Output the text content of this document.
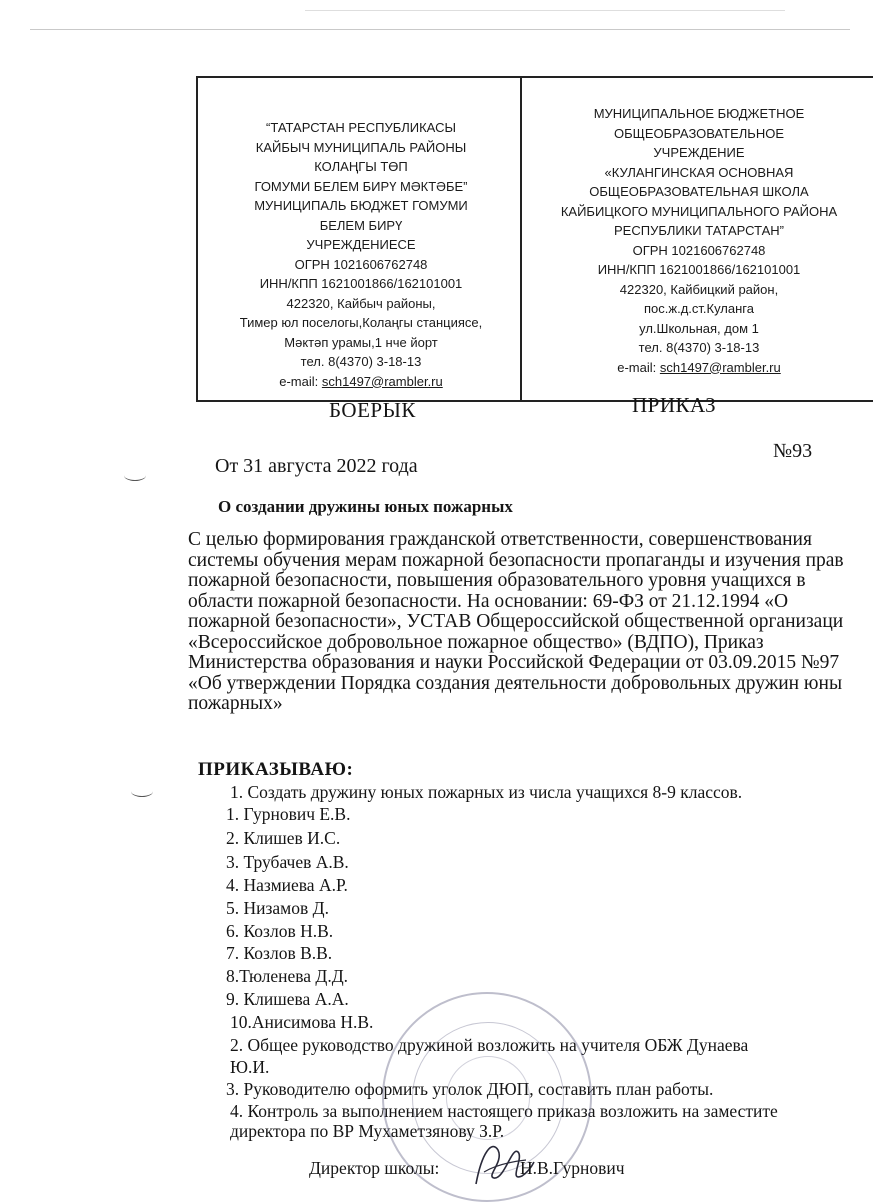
“ТАТАРСТАН РЕСПУБЛИКАСЫ
КАЙБЫЧ МУНИЦИПАЛЬ РАЙОНЫ
КОЛАҢГЫ ТӨП
ГОМУМИ БЕЛЕМ БИРҮ МӘКТӘБЕ”
МУНИЦИПАЛЬ БЮДЖЕТ ГОМУМИ
БЕЛЕМ БИРҮ
УЧРЕЖДЕНИЕСЕ
ОГРН 1021606762748
ИНН/КПП 1621001866/162101001
422320, Кайбыч районы,
Тимер юл поселогы,Колаңгы станциясе,
Мәктәп урамы,1 нче йорт
тел. 8(4370) 3-18-13
e-mail: sch1497@rambler.ru
МУНИЦИПАЛЬНОЕ БЮДЖЕТНОЕ
ОБЩЕОБРАЗОВАТЕЛЬНОЕ
УЧРЕЖДЕНИЕ
«КУЛАНГИНСКАЯ ОСНОВНАЯ
ОБЩЕОБРАЗОВАТЕЛЬНАЯ ШКОЛА
КАЙБИЦКОГО МУНИЦИПАЛЬНОГО РАЙОНА
РЕСПУБЛИКИ ТАТАРСТАН”
ОГРН 1021606762748
ИНН/КПП 1621001866/162101001
422320, Кайбицкий район,
пос.ж.д.ст.Куланга
ул.Школьная, дом 1
тел. 8(4370) 3-18-13
e-mail: sch1497@rambler.ru
БОЕРЫК	ПРИКАЗ
От 31 августа 2022 года
№93
О создании дружины юных пожарных
С целью формирования гражданской ответственности, совершенствования
системы обучения мерам пожарной безопасности пропаганды и изучения прав
пожарной безопасности, повышения образовательного уровня учащихся в
области пожарной безопасности. На основании: 69-ФЗ от 21.12.1994 «О
пожарной безопасности», УСТАВ Общероссийской общественной организаци
«Всероссийское добровольное пожарное общество» (ВДПО), Приказ
Министерства образования и науки Российской Федерации от 03.09.2015 №97
«Об утверждении Порядка создания деятельности добровольных дружин юны
пожарных»
ПРИКАЗЫВАЮ:
1. Создать дружину юных пожарных из числа учащихся 8-9 классов.
1. Гурнович Е.В.
2. Клишев И.С.
3. Трубачев А.В.
4. Назмиева А.Р.
5. Низамов Д.
6. Козлов Н.В.
7. Козлов В.В.
8.Тюленева Д.Д.
9. Клишева А.А.
10.Анисимова Н.В.
2. Общее руководство дружиной возложить на учителя ОБЖ Дунаева
Ю.И.
3. Руководителю оформить уголок ДЮП, составить план работы.
4. Контроль за выполнением настоящего приказа возложить на заместите
директора по ВР Мухаметзянову З.Р.
Директор школы:	Н.В.Гурнович
